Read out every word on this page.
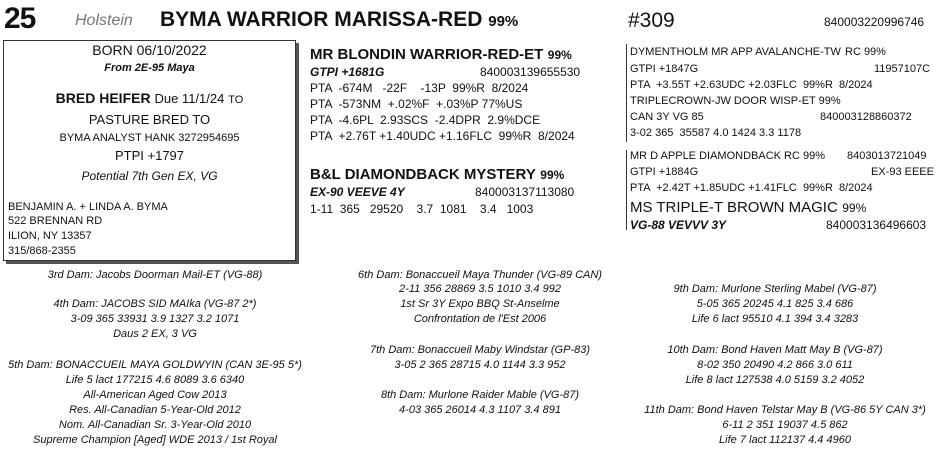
25 Holstein BYMA WARRIOR MARISSA-RED 99%	#309	840003220996746
BORN 06/10/2022
From 2E-95 Maya
BRED HEIFER Due 11/1/24 TO
PASTURE BRED TO
BYMA ANALYST HANK 3272954695
PTPI +1797
Potential 7th Gen EX, VG
BENJAMIN A. + LINDA A. BYMA
522 BRENNAN RD
ILION, NY 13357
315/868-2355
MR BLONDIN WARRIOR-RED-ET 99%
GTPI +1681G	840003139655530
PTA  -674M   -22F    -13P  99%R  8/2024
PTA  -573NM  +.02%F  +.03%P 77%US
PTA  -4.6PL  2.93SCS  -2.4DPR  2.9%DCE
PTA  +2.76T +1.40UDC +1.16FLC  99%R  8/2024
B&L DIAMONDBACK MYSTERY 99%
EX-90 VEEVE 4Y	840003137113080
1-11  365   29520    3.7  1081    3.4   1003
DYMENTHOLM MR APP AVALANCHE-TW RC 99%
GTPI +1847G	11957107C
PTA  +3.55T +2.63UDC +2.03FLC  99%R  8/2024
TRIPLECROWN-JW DOOR WISP-ET 99%
CAN 3Y VG 85	840003128860372
3-02 365  35587 4.0 1424 3.3 1178
MR D APPLE DIAMONDBACK RC 99% 8403013721049
GTPI +1884G	EX-93 EEEE
PTA  +2.42T +1.85UDC +1.41FLC  99%R  8/2024
MS TRIPLE-T BROWN MAGIC 99%
VG-88 VEVVV 3Y	840003136496603
3rd Dam: Jacobs Doorman Mail-ET (VG-88)
4th Dam: JACOBS SID MAIka (VG-87 2*)
3-09 365 33931 3.9 1327 3.2 1071
Daus 2 EX, 3 VG
5th Dam: BONACCUEIL MAYA GOLDWYIN (CAN 3E-95 5*)
Life 5 lact 177215 4.6 8089 3.6 6340
All-American Aged Cow 2013
Res. All-Canadian 5-Year-Old 2012
Nom. All-Canadian Sr. 3-Year-Old 2010
Supreme Champion [Aged] WDE 2013 / 1st Royal
6th Dam: Bonaccueil Maya Thunder (VG-89 CAN)
2-11 356 28869 3.5 1010 3.4 992
1st Sr 3Y Expo BBQ St-Anselme
Confrontation de l'Est 2006
7th Dam: Bonaccueil Maby Windstar (GP-83)
3-05 2 365 28715 4.0 1144 3.3 952
8th Dam: Murlone Raider Mable (VG-87)
4-03 365 26014 4.3 1107 3.4 891
9th Dam: Murlone Sterling Mabel (VG-87)
5-05 365 20245 4.1 825 3.4 686
Life 6 lact 95510 4.1 394 3.4 3283
10th Dam: Bond Haven Matt May B (VG-87)
8-02 350 20490 4.2 866 3.0 611
Life 8 lact 127538 4.0 5159 3.2 4052
11th Dam: Bond Haven Telstar May B (VG-86 5Y CAN 3*)
6-11 2 351 19037 4.5 862
Life 7 lact 112137 4.4 4960
